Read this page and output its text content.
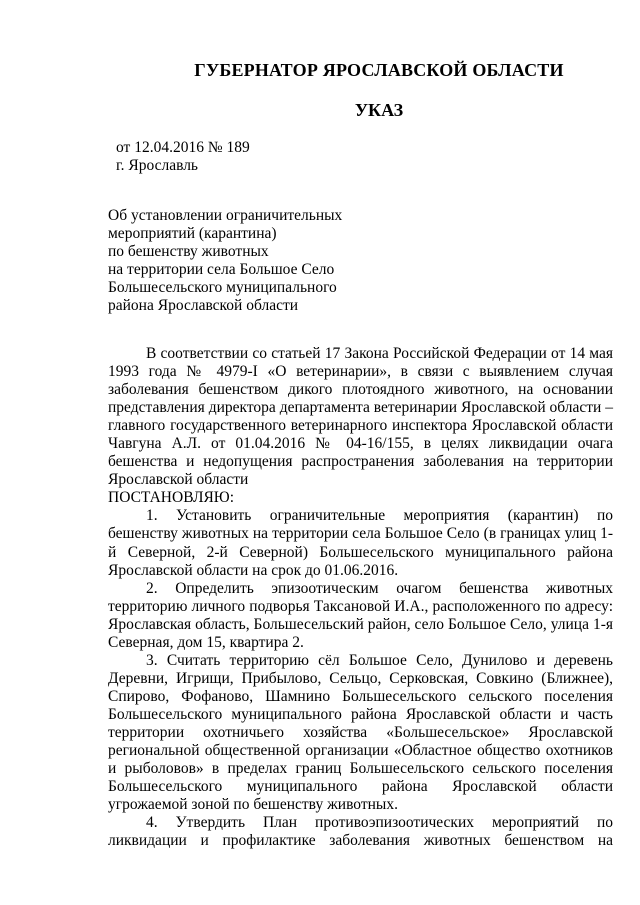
ГУБЕРНАТОР ЯРОСЛАВСКОЙ ОБЛАСТИ
УКАЗ
от 12.04.2016 № 189
г. Ярославль
Об установлении ограничительных
мероприятий (карантина)
по бешенству животных
на территории села Большое Село
Большесельского муниципального
района Ярославской области

В соответствии со статьей 17 Закона Российской Федерации от 14 мая 1993 года № 4979-I «О ветеринарии», в связи с выявлением случая заболевания бешенством дикого плотоядного животного, на основании представления директора департамента ветеринарии Ярославской области – главного государственного ветеринарного инспектора Ярославской области Чавгуна А.Л. от 01.04.2016 № 04-16/155, в целях ликвидации очага бешенства и недопущения распространения заболевания на территории Ярославской области

ПОСТАНОВЛЯЮ:

1. Установить ограничительные мероприятия (карантин) по бешенству животных на территории села Большое Село (в границах улиц 1-й Северной, 2-й Северной) Большесельского муниципального района Ярославской области на срок до 01.06.2016.

2. Определить эпизоотическим очагом бешенства животных территорию личного подворья Таксановой И.А., расположенного по адресу: Ярославская область, Большесельский район, село Большое Село, улица 1-я Северная, дом 15, квартира 2.

3. Считать территорию сёл Большое Село, Дунилово и деревень Деревни, Игрищи, Прибылово, Сельцо, Серковская, Совкино (Ближнее), Спирово, Фофаново, Шамнино Большесельского сельского поселения Большесельского муниципального района Ярославской области и часть территории охотничьего хозяйства «Большесельское» Ярославской региональной общественной организации «Областное общество охотников и рыболовов» в пределах границ Большесельского сельского поселения Большесельского муниципального района Ярославской области угрожаемой зоной по бешенству животных.

4. Утвердить План противоэпизоотических мероприятий по ликвидации и профилактике заболевания животных бешенством на
